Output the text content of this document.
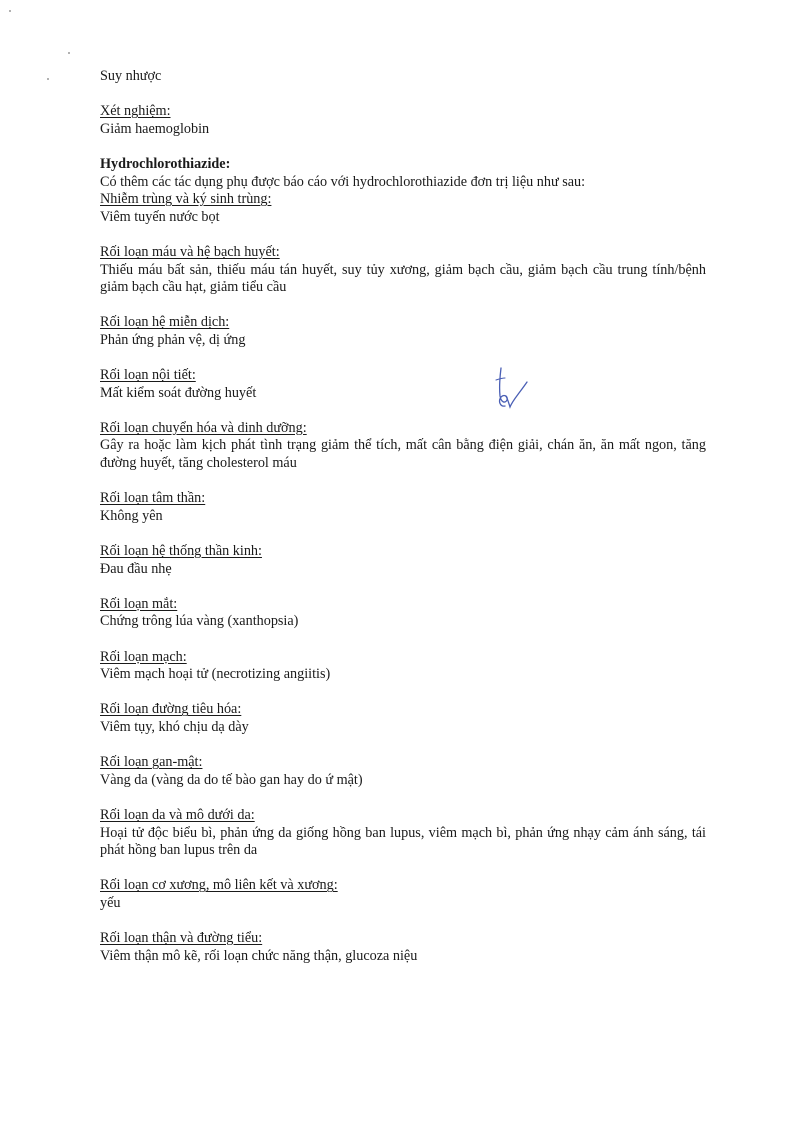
Suy nhược
Xét nghiệm:
Giảm haemoglobin
Hydrochlorothiazide:
Có thêm các tác dụng phụ được báo cáo với hydrochlorothiazide đơn trị liệu như sau:
Nhiễm trùng và ký sinh trùng:
Viêm tuyến nước bọt
Rối loạn máu và hệ bạch huyết:
Thiếu máu bất sản, thiếu máu tán huyết, suy tủy xương, giảm bạch cầu, giảm bạch cầu trung tính/bệnh giảm bạch cầu hạt, giảm tiểu cầu
Rối loạn hệ miễn dịch:
Phản ứng phản vệ, dị ứng
Rối loạn nội tiết:
Mất kiểm soát đường huyết
Rối loạn chuyển hóa và dinh dưỡng:
Gây ra hoặc làm kịch phát tình trạng giảm thể tích, mất cân bằng điện giải, chán ăn, ăn mất ngon, tăng đường huyết, tăng cholesterol máu
Rối loạn tâm thần:
Không yên
Rối loạn hệ thống thần kinh:
Đau đầu nhẹ
Rối loạn mắt:
Chứng trông lúa vàng (xanthopsia)
Rối loạn mạch:
Viêm mạch hoại tử (necrotizing angiitis)
Rối loạn đường tiêu hóa:
Viêm tụy, khó chịu dạ dày
Rối loạn gan-mật:
Vàng da (vàng da do tế bào gan hay do ứ mật)
Rối loạn da và mô dưới da:
Hoại tử độc biểu bì, phản ứng da giống hồng ban lupus, viêm mạch bì, phản ứng nhạy cảm ánh sáng, tái phát hồng ban lupus trên da
Rối loạn cơ xương, mô liên kết và xương:
yếu
Rối loạn thận và đường tiểu:
Viêm thận mô kẽ, rối loạn chức năng thận, glucoza niệu
